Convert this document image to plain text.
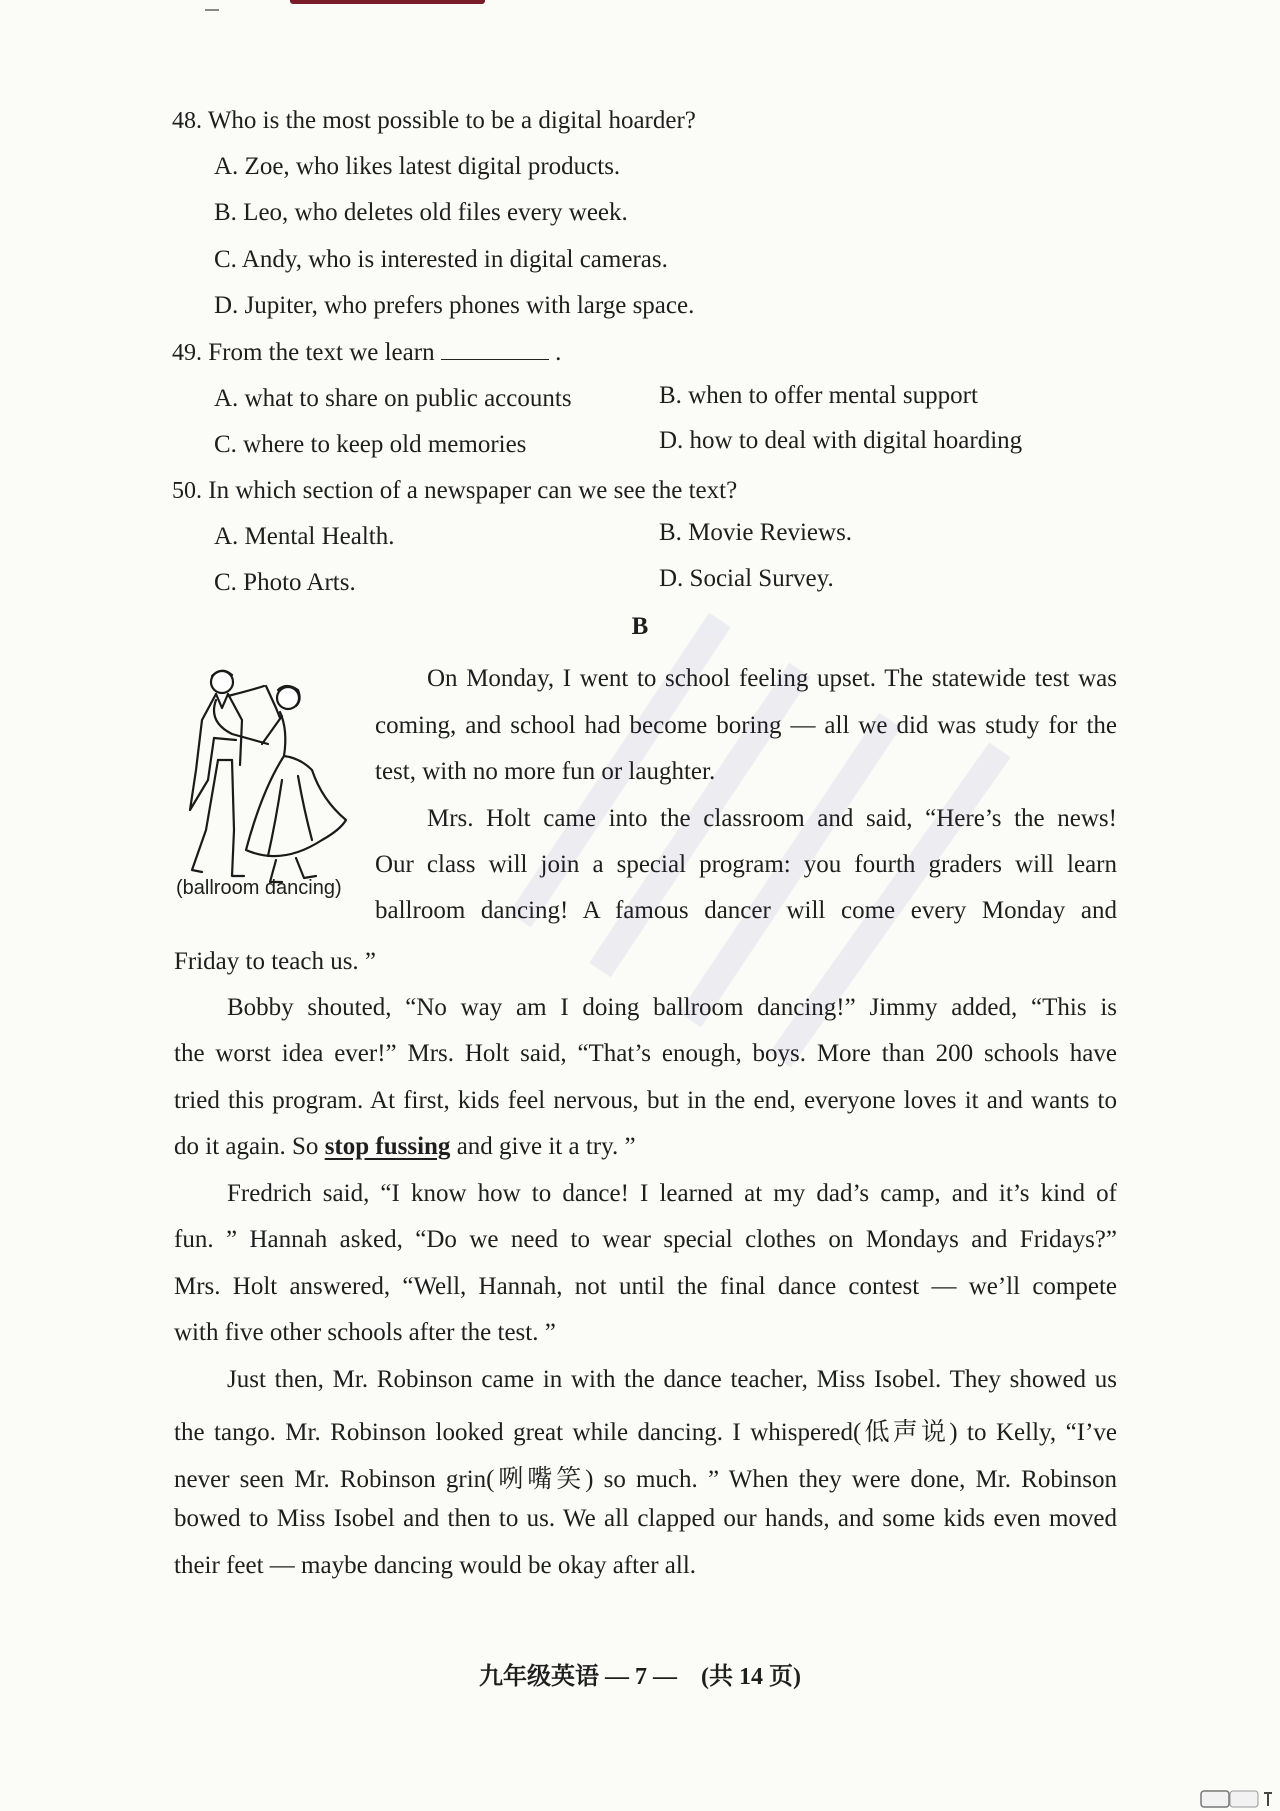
48. Who is the most possible to be a digital hoarder?
A. Zoe, who likes latest digital products.
B. Leo, who deletes old files every week.
C. Andy, who is interested in digital cameras.
D. Jupiter, who prefers phones with large space.
49. From the text we learn	.
A. what to share on public accounts	B. when to offer mental support
C. where to keep old memories	D. how to deal with digital hoarding
50. In which section of a newspaper can we see the text?
A. Mental Health.	B. Movie Reviews.
C. Photo Arts.	D. Social Survey.
B
(ballroom dancing)
On Monday, I went to school feeling upset. The statewide test was
coming, and school had become boring — all we did was study for the
test, with no more fun or laughter.
Mrs. Holt came into the classroom and said, “Here’s the news!
Our class will join a special program: you fourth graders will learn
ballroom dancing! A famous dancer will come every Monday and
Friday to teach us. ”
Bobby shouted, “No way am I doing ballroom dancing!” Jimmy added, “This is
the worst idea ever!” Mrs. Holt said, “That’s enough, boys. More than 200 schools have
tried this program. At first, kids feel nervous, but in the end, everyone loves it and wants to
do it again. So stop fussing and give it a try. ”
Fredrich said, “I know how to dance! I learned at my dad’s camp, and it’s kind of
fun. ” Hannah asked, “Do we need to wear special clothes on Mondays and Fridays?”
Mrs. Holt answered, “Well, Hannah, not until the final dance contest — we’ll compete
with five other schools after the test. ”
Just then, Mr. Robinson came in with the dance teacher, Miss Isobel. They showed us
the tango. Mr. Robinson looked great while dancing. I whispered(低声说) to Kelly, “I’ve
never seen Mr. Robinson grin(咧嘴笑) so much. ” When they were done, Mr. Robinson
bowed to Miss Isobel and then to us. We all clapped our hands, and some kids even moved
their feet — maybe dancing would be okay after all.
九年级英语 — 7 —　(共 14 页)
